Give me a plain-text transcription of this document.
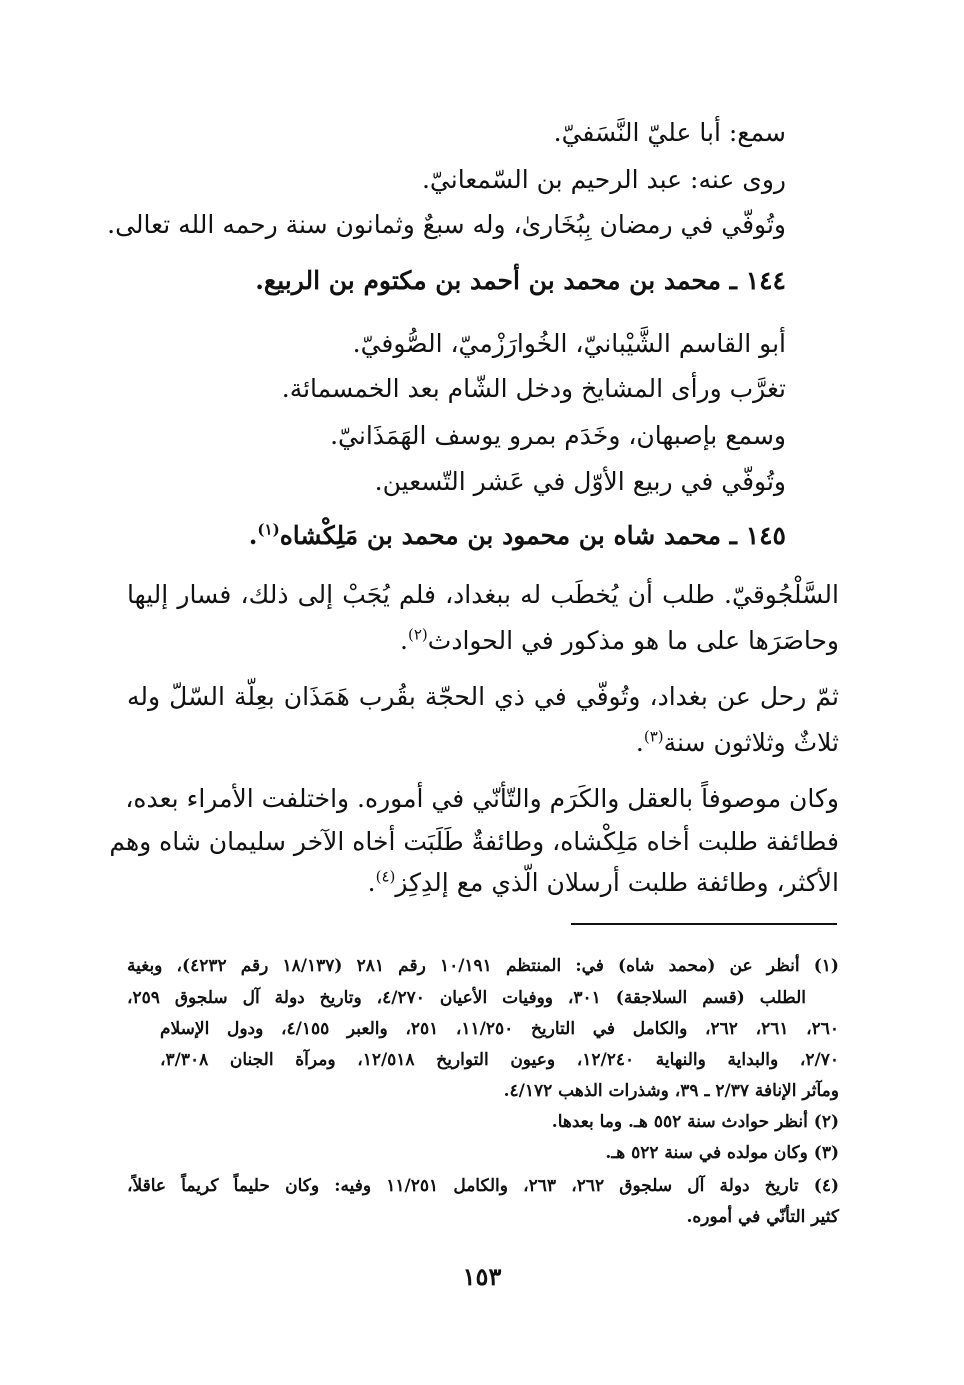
سمع: أبا عليّ النَّسَفيّ.

روى عنه: عبد الرحيم بن السّمعانيّ.

وتُوفّي في رمضان بِبُخَارىٰ، وله سبعٌ وثمانون سنة رحمه الله تعالى.

١٤٤ ـ محمد بن محمد بن أحمد بن مكتوم بن الربيع.

أبو القاسم الشَّيْبانيّ، الخُوارَزْميّ، الصُّوفيّ.

تغرَّب ورأى المشايخ ودخل الشّام بعد الخمسمائة.

وسمع بإصبهان، وخَدَم بمرو يوسف الهَمَذَانيّ.

وتُوفّي في ربيع الأوّل في عَشر التّسعين.

١٤٥ ـ محمد شاه بن محمود بن محمد بن مَلِكْشاه$^{(١)}$.

السَّلْجُوقيّ. طلب أن يُخطَب له ببغداد، فلم يُجَبْ إلى ذلك، فسار إليها

وحاصَرَها على ما هو مذكور في الحوادث$^{(٢)}$.

ثمّ رحل عن بغداد، وتُوفّي في ذي الحجّة بقُرب هَمَذَان بعِلّة السّلّ وله

ثلاثٌ وثلاثون سنة$^{(٣)}$.

وكان موصوفاً بالعقل والكَرَم والتّأنّي في أموره. واختلفت الأمراء بعده،

فطائفة طلبت أخاه مَلِكْشاه، وطائفةٌ طَلَبَت أخاه الآخر سليمان شاه وهم

الأكثر، وطائفة طلبت أرسلان الّذي مع إلدِكِز$^{(٤)}$.

(١) أنظر عن (محمد شاه) في: المنتظم ١٠/١٩١ رقم ٢٨١ (١٨/١٣٧ رقم ٤٢٣٢)، وبغية

الطلب (قسم السلاجقة) ٣٠١، ووفيات الأعيان ٤/٢٧٠، وتاريخ دولة آل سلجوق ٢٥٩،

٢٦٠، ٢٦١، ٢٦٢، والكامل في التاريخ ١١/٢٥٠، ٢٥١، والعبر ٤/١٥٥، ودول الإسلام

٢/٧٠، والبداية والنهاية ١٢/٢٤٠، وعيون التواريخ ١٢/٥١٨، ومرآة الجنان ٣/٣٠٨،

ومآثر الإنافة ٢/٣٧ ـ ٣٩، وشذرات الذهب ٤/١٧٢.

(٢) أنظر حوادث سنة ٥٥٢ هـ. وما بعدها.

(٣) وكان مولده في سنة ٥٢٢ هـ.

(٤) تاريخ دولة آل سلجوق ٢٦٢، ٢٦٣، والكامل ١١/٢٥١ وفيه: وكان حليماً كريماً عاقلاً،

كثير التأنّي في أموره.

١٥٣
